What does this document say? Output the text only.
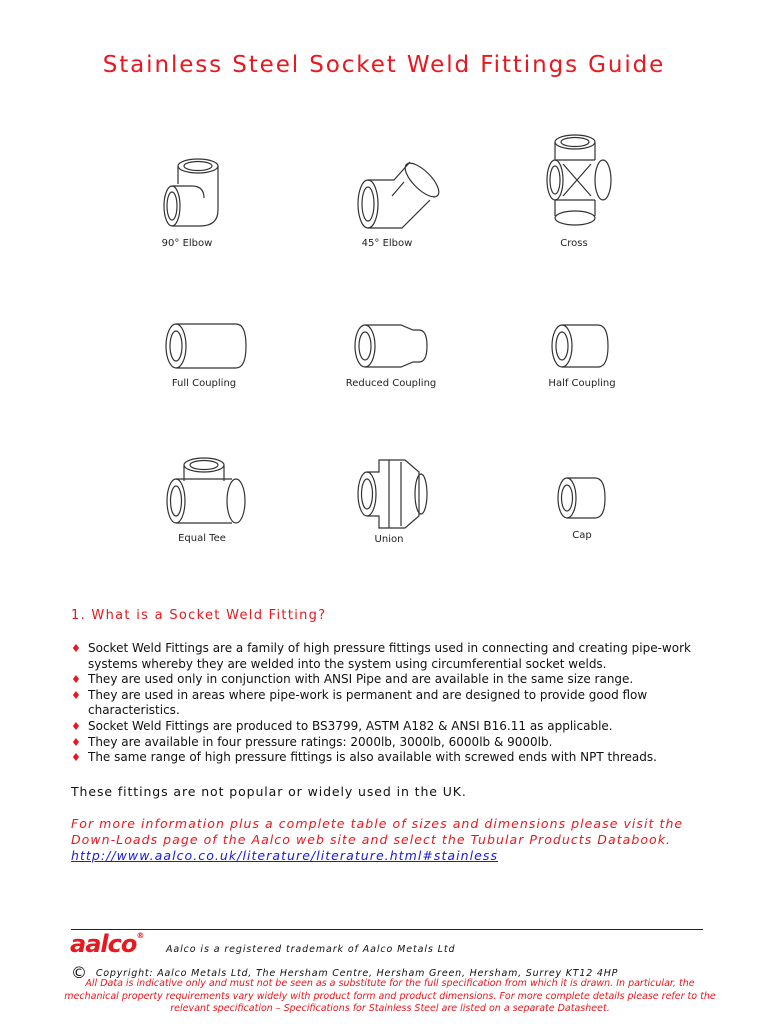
Stainless Steel Socket Weld Fittings Guide
90° Elbow	45° Elbow	Cross
Full Coupling	Reduced Coupling	Half Coupling
Equal Tee	Union	Cap
1. What is a Socket Weld Fitting?
♦ Socket Weld Fittings are a family of high pressure fittings used in connecting and creating pipe-work systems whereby they are welded into the system using circumferential socket welds.
♦ They are used only in conjunction with ANSI Pipe and are available in the same size range.
♦ They are used in areas where pipe-work is permanent and are designed to provide good flow characteristics.
♦ Socket Weld Fittings are produced to BS3799, ASTM A182 & ANSI B16.11 as applicable.
♦ They are available in four pressure ratings: 2000lb, 3000lb, 6000lb & 9000lb.
♦ The same range of high pressure fittings is also available with screwed ends with NPT threads.
These fittings are not popular or widely used in the UK.
For more information plus a complete table of sizes and dimensions please visit the Down-Loads page of the Aalco web site and select the Tubular Products Databook.
http://www.aalco.co.uk/literature/literature.html#stainless
aalco®
Aalco is a registered trademark of Aalco Metals Ltd
© Copyright: Aalco Metals Ltd, The Hersham Centre, Hersham Green, Hersham, Surrey KT12 4HP
All Data is indicative only and must not be seen as a substitute for the full specification from which it is drawn. In particular, the mechanical property requirements vary widely with product form and product dimensions. For more complete details please refer to the relevant specification – Specifications for Stainless Steel are listed on a separate Datasheet.
